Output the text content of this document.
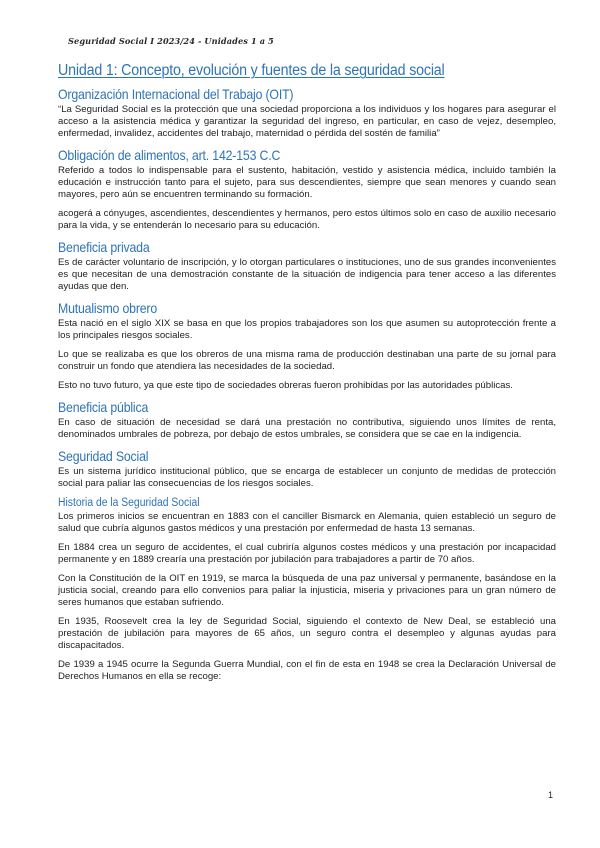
Seguridad Social I 2023/24 - Unidades 1 a 5
Unidad 1: Concepto, evolución y fuentes de la seguridad social
Organización Internacional del Trabajo (OIT)

“La Seguridad Social es la protección que una sociedad proporciona a los individuos y los hogares para asegurar el acceso a la asistencia médica y garantizar la seguridad del ingreso, en particular, en caso de vejez, desempleo, enfermedad, invalidez, accidentes del trabajo, maternidad o pérdida del sostén de familia”

Obligación de alimentos, art. 142-153 C.C

Referido a todos lo indispensable para el sustento, habitación, vestido y asistencia médica, incluido también la educación e instrucción tanto para el sujeto, para sus descendientes, siempre que sean menores y cuando sean mayores, pero aún se encuentren terminando su formación.

acogerá a cónyuges, ascendientes, descendientes y hermanos, pero estos últimos solo en caso de auxilio necesario para la vida, y se entenderán lo necesario para su educación.

Beneficia privada

Es de carácter voluntario de inscripción, y lo otorgan particulares o instituciones, uno de sus grandes inconvenientes es que necesitan de una demostración constante de la situación de indigencia para tener acceso a las diferentes ayudas que den.

Mutualismo obrero

Esta nació en el siglo XIX se basa en que los propios trabajadores son los que asumen su autoprotección frente a los principales riesgos sociales.

Lo que se realizaba es que los obreros de una misma rama de producción destinaban una parte de su jornal para construir un fondo que atendiera las necesidades de la sociedad.

Esto no tuvo futuro, ya que este tipo de sociedades obreras fueron prohibidas por las autoridades públicas.

Beneficia pública

En caso de situación de necesidad se dará una prestación no contributiva, siguiendo unos límites de renta, denominados umbrales de pobreza, por debajo de estos umbrales, se considera que se cae en la indigencia.

Seguridad Social

Es un sistema jurídico institucional público, que se encarga de establecer un conjunto de medidas de protección social para paliar las consecuencias de los riesgos sociales.

Historia de la Seguridad Social

Los primeros inicios se encuentran en 1883 con el canciller Bismarck en Alemania, quien estableció un seguro de salud que cubría algunos gastos médicos y una prestación por enfermedad de hasta 13 semanas.

En 1884 crea un seguro de accidentes, el cual cubriría algunos costes médicos y una prestación por incapacidad permanente y en 1889 crearía una prestación por jubilación para trabajadores a partir de 70 años.

Con la Constitución de la OIT en 1919, se marca la búsqueda de una paz universal y permanente, basándose en la justicia social, creando para ello convenios para paliar la injusticia, miseria y privaciones para un gran número de seres humanos que estaban sufriendo.

En 1935, Roosevelt crea la ley de Seguridad Social, siguiendo el contexto de New Deal, se estableció una prestación de jubilación para mayores de 65 años, un seguro contra el desempleo y algunas ayudas para discapacitados.

De 1939 a 1945 ocurre la Segunda Guerra Mundial, con el fin de esta en 1948 se crea la Declaración Universal de Derechos Humanos en ella se recoge:

1
